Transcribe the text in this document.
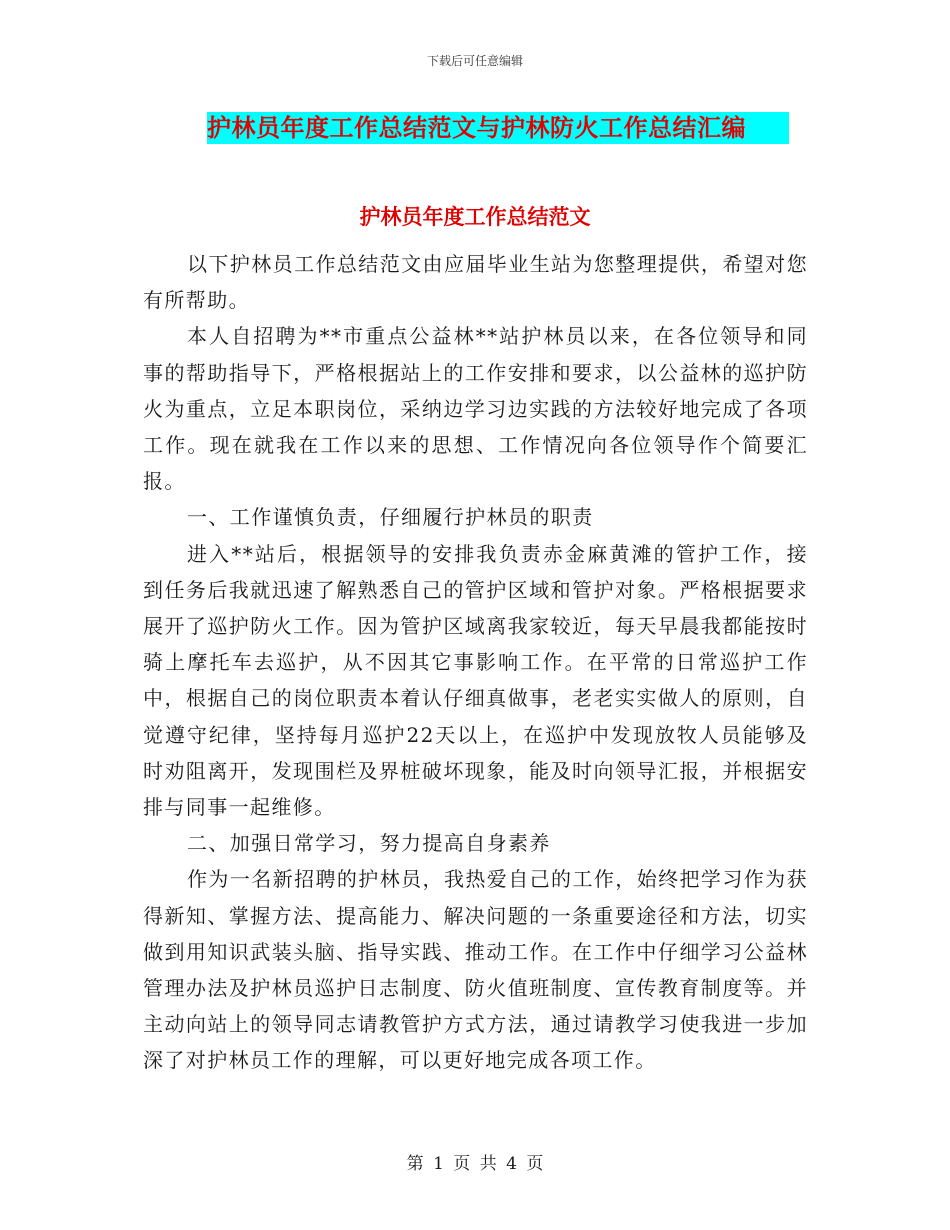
下载后可任意编辑
护林员年度工作总结范文与护林防火工作总结汇编
护林员年度工作总结范文

以下护林员工作总结范文由应届毕业生站为您整理提供，希望对您有所帮助。

本人自招聘为**市重点公益林**站护林员以来，在各位领导和同事的帮助指导下，严格根据站上的工作安排和要求，以公益林的巡护防火为重点，立足本职岗位，采纳边学习边实践的方法较好地完成了各项工作。现在就我在工作以来的思想、工作情况向各位领导作个简要汇报。

一、工作谨慎负责，仔细履行护林员的职责

进入**站后，根据领导的安排我负责赤金麻黄滩的管护工作，接到任务后我就迅速了解熟悉自己的管护区域和管护对象。严格根据要求展开了巡护防火工作。因为管护区域离我家较近，每天早晨我都能按时骑上摩托车去巡护，从不因其它事影响工作。在平常的日常巡护工作中，根据自己的岗位职责本着认仔细真做事，老老实实做人的原则，自觉遵守纪律，坚持每月巡护22天以上，在巡护中发现放牧人员能够及时劝阻离开，发现围栏及界桩破坏现象，能及时向领导汇报，并根据安排与同事一起维修。

二、加强日常学习，努力提高自身素养

作为一名新招聘的护林员，我热爱自己的工作，始终把学习作为获得新知、掌握方法、提高能力、解决问题的一条重要途径和方法，切实做到用知识武装头脑、指导实践、推动工作。在工作中仔细学习公益林管理办法及护林员巡护日志制度、防火值班制度、宣传教育制度等。并主动向站上的领导同志请教管护方式方法，通过请教学习使我进一步加深了对护林员工作的理解，可以更好地完成各项工作。

第 1 页 共 4 页
